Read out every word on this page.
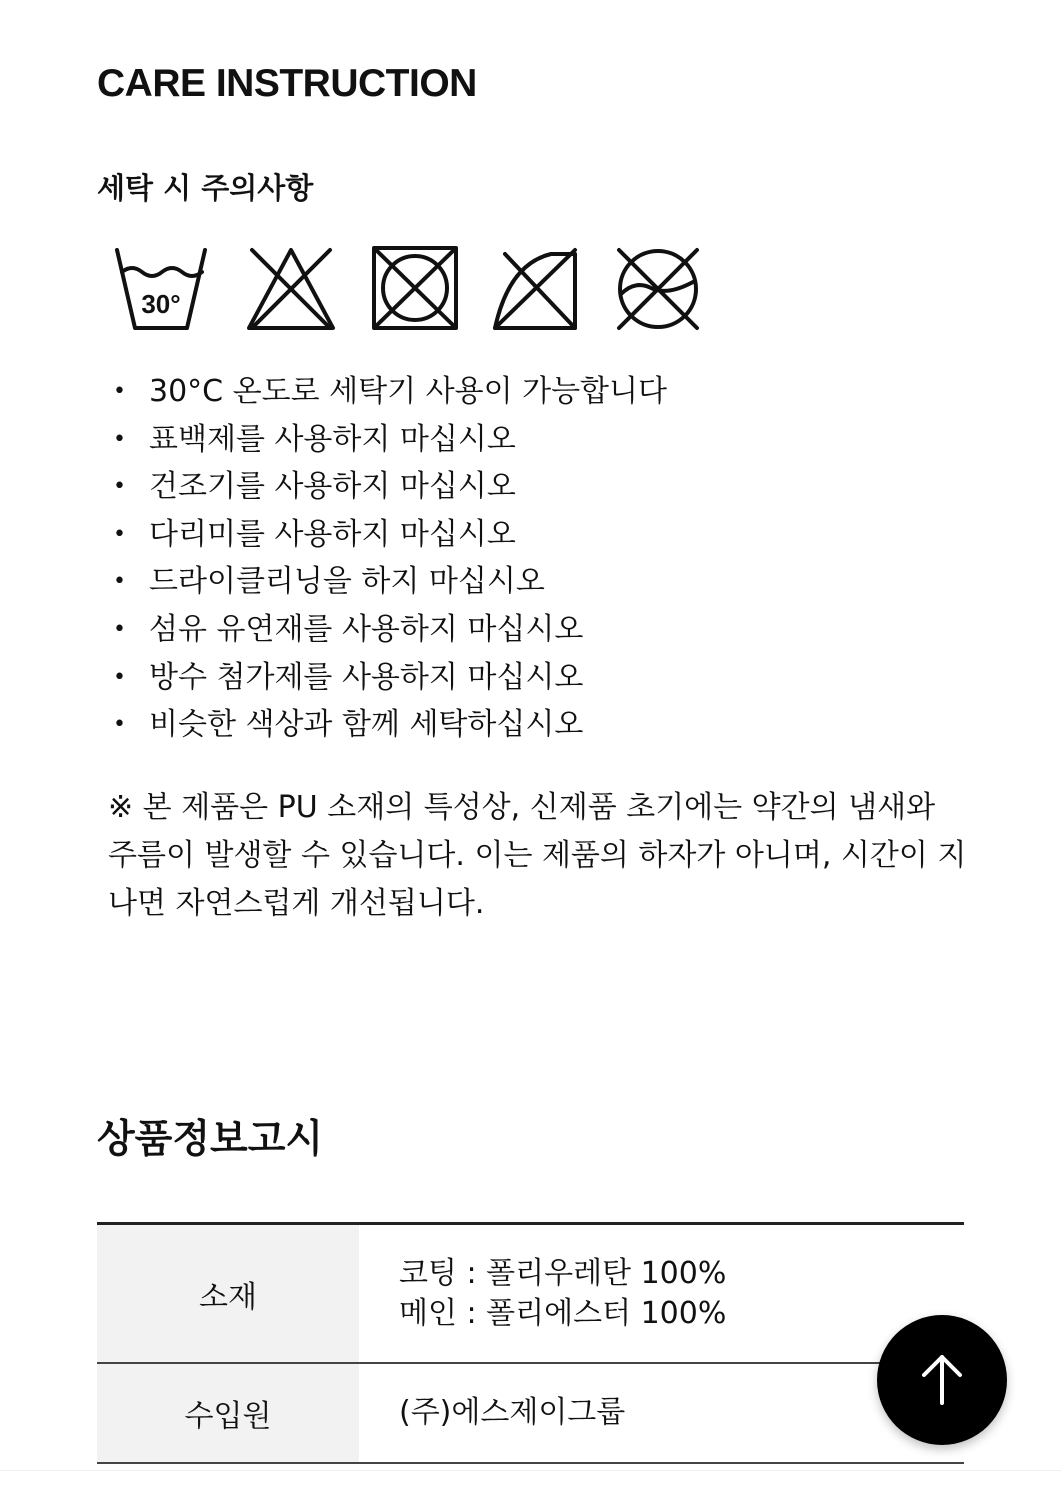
CARE INSTRUCTION
세탁 시 주의사항
30°
• 30°C 온도로 세탁기 사용이 가능합니다
• 표백제를 사용하지 마십시오
• 건조기를 사용하지 마십시오
• 다리미를 사용하지 마십시오
• 드라이클리닝을 하지 마십시오
• 섬유 유연재를 사용하지 마십시오
• 방수 첨가제를 사용하지 마십시오
• 비슷한 색상과 함께 세탁하십시오

※ 본 제품은 PU 소재의 특성상, 신제품 초기에는 약간의 냄새와 주름이 발생할 수 있습니다. 이는 제품의 하자가 아니며, 시간이 지나면 자연스럽게 개선됩니다.

상품정보고시
소재	코팅 : 폴리우레탄 100%
메인 : 폴리에스터 100%

수입원	(주)에스제이그룹
